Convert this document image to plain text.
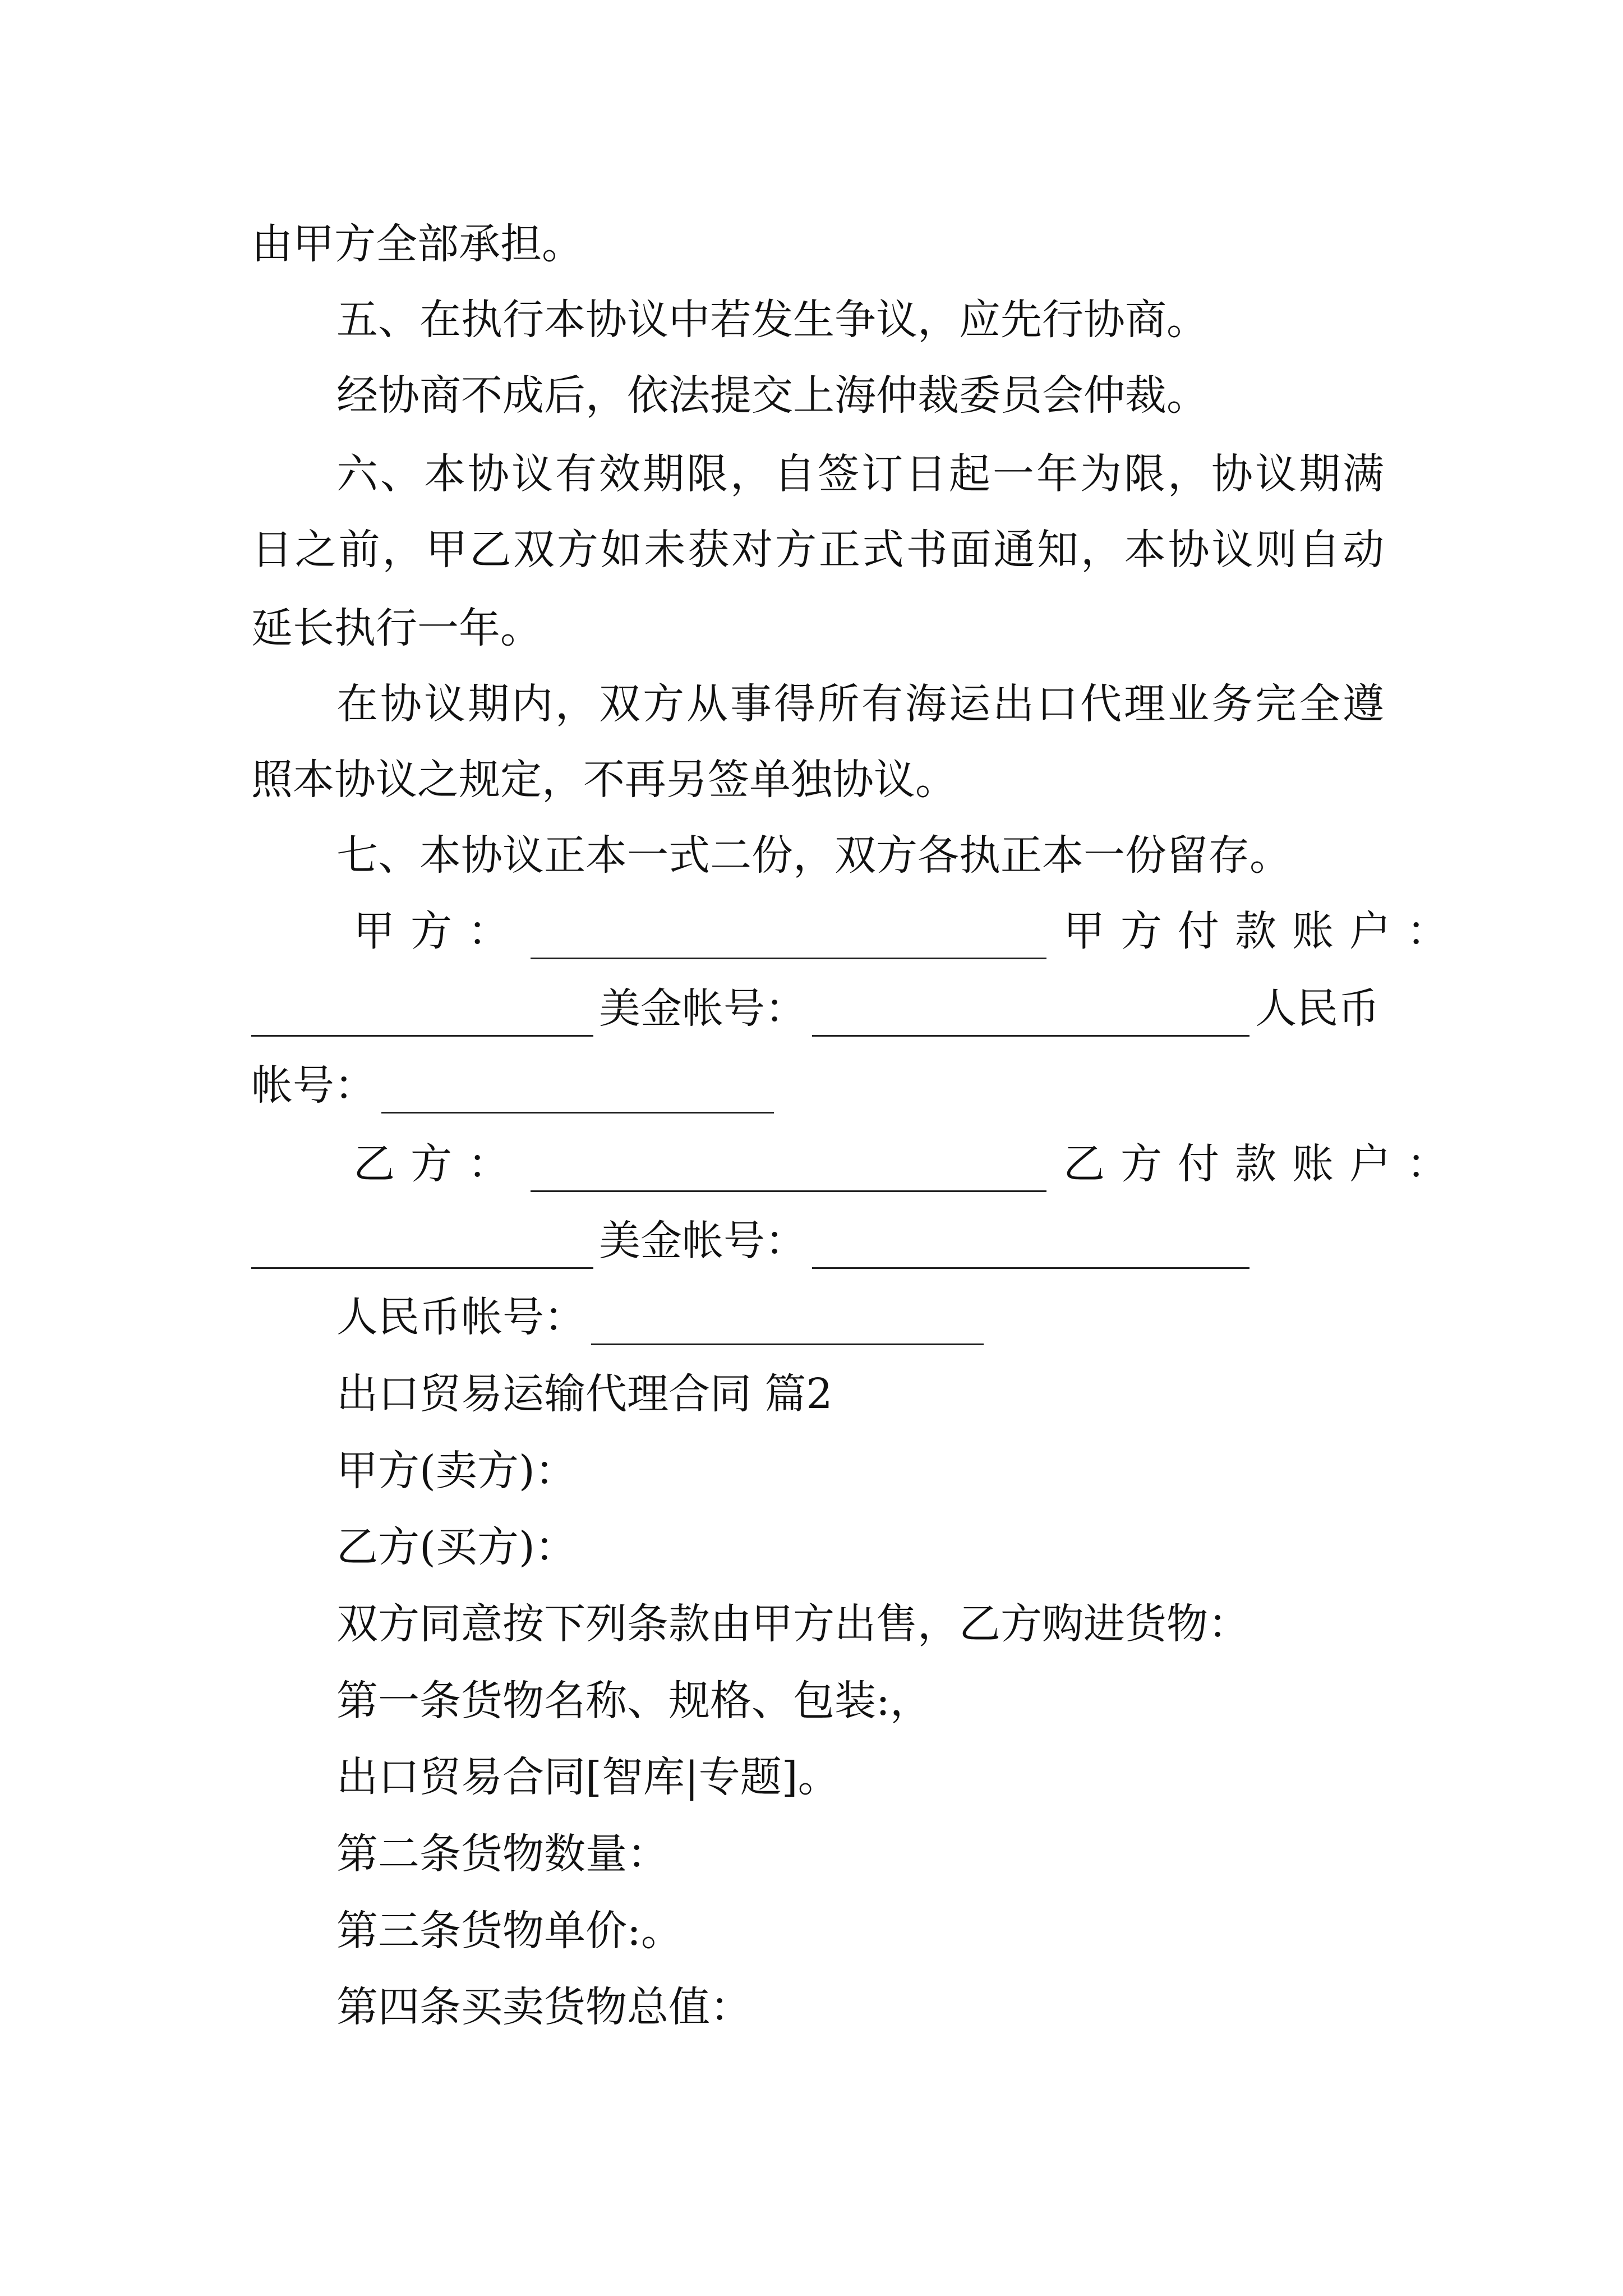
由甲方全部承担。
五、在执行本协议中若发生争议，应先行协商。
经协商不成后，依法提交上海仲裁委员会仲裁。
六、本协议有效期限，自签订日起一年为限，协议期满
日之前，甲乙双方如未获对方正式书面通知，本协议则自动
延长执行一年。
在协议期内，双方从事得所有海运出口代理业务完全遵
照本协议之规定，不再另签单独协议。
七、本协议正本一式二份，双方各执正本一份留存。
甲方：	甲方付款账户：
美金帐号：	人民币
帐号：
乙方：	乙方付款账户：
美金帐号：
人民币帐号：
出口贸易运输代理合同 篇2
甲方(卖方)：
乙方(买方)：
双方同意按下列条款由甲方出售，乙方购进货物：
第一条货物名称、规格、包装:，
出口贸易合同[智库|专题]。
第二条货物数量：
第三条货物单价:。
第四条买卖货物总值：
